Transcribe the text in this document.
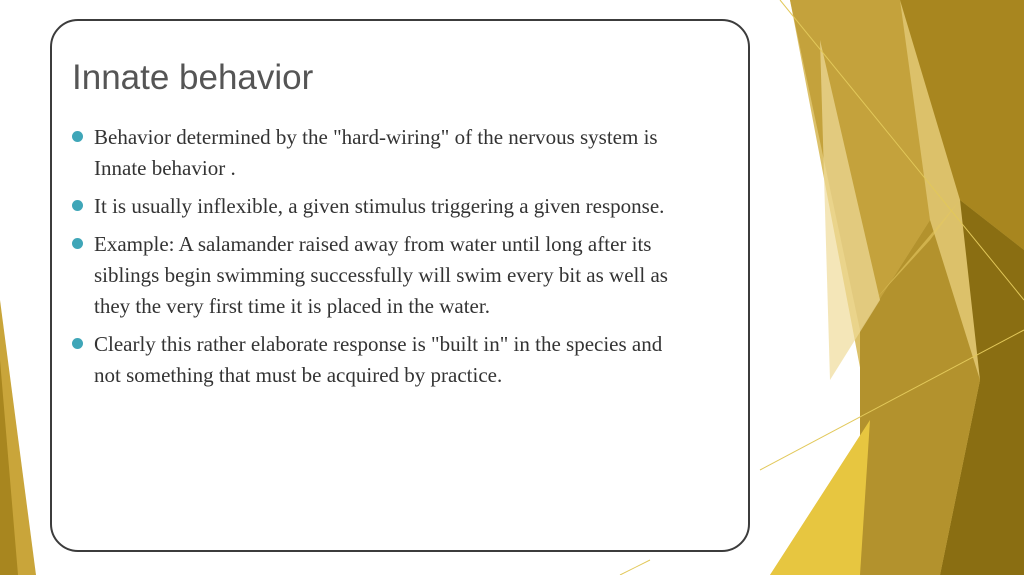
Innate behavior
Behavior determined by the "hard-wiring" of the nervous system is Innate behavior .
It is usually inflexible, a given stimulus triggering a given response.
Example: A salamander raised away from water until long after its siblings begin swimming successfully will swim every bit as well as they the very first time it is placed in the water.
Clearly this rather elaborate response is "built in" in the species and not something that must be acquired by practice.
